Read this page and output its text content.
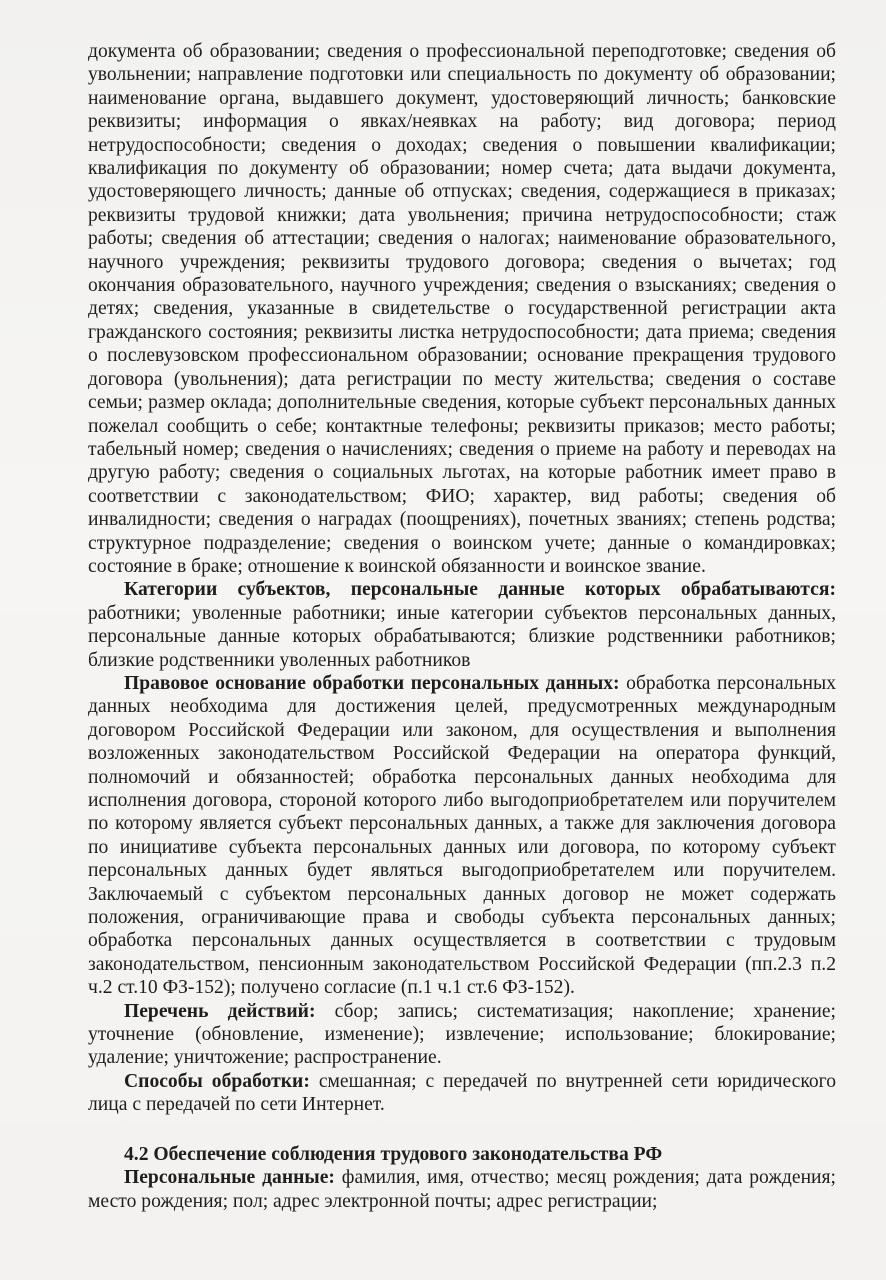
документа об образовании; сведения о профессиональной переподготовке; сведения об увольнении; направление подготовки или специальность по документу об образовании; наименование органа, выдавшего документ, удостоверяющий личность; банковские реквизиты; информация о явках/неявках на работу; вид договора; период нетрудоспособности; сведения о доходах; сведения о повышении квалификации; квалификация по документу об образовании; номер счета; дата выдачи документа, удостоверяющего личность; данные об отпусках; сведения, содержащиеся в приказах; реквизиты трудовой книжки; дата увольнения; причина нетрудоспособности; стаж работы; сведения об аттестации; сведения о налогах; наименование образовательного, научного учреждения; реквизиты трудового договора; сведения о вычетах; год окончания образовательного, научного учреждения; сведения о взысканиях; сведения о детях; сведения, указанные в свидетельстве о государственной регистрации акта гражданского состояния; реквизиты листка нетрудоспособности; дата приема; сведения о послевузовском профессиональном образовании; основание прекращения трудового договора (увольнения); дата регистрации по месту жительства; сведения о составе семьи; размер оклада; дополнительные сведения, которые субъект персональных данных пожелал сообщить о себе; контактные телефоны; реквизиты приказов; место работы; табельный номер; сведения о начислениях; сведения о приеме на работу и переводах на другую работу; сведения о социальных льготах, на которые работник имеет право в соответствии с законодательством; ФИО; характер, вид работы; сведения об инвалидности; сведения о наградах (поощрениях), почетных званиях; степень родства; структурное подразделение; сведения о воинском учете; данные о командировках; состояние в браке; отношение к воинской обязанности и воинское звание.

Категории субъектов, персональные данные которых обрабатываются: работники; уволенные работники; иные категории субъектов персональных данных, персональные данные которых обрабатываются; близкие родственники работников; близкие родственники уволенных работников

Правовое основание обработки персональных данных: обработка персональных данных необходима для достижения целей, предусмотренных международным договором Российской Федерации или законом, для осуществления и выполнения возложенных законодательством Российской Федерации на оператора функций, полномочий и обязанностей; обработка персональных данных необходима для исполнения договора, стороной которого либо выгодоприобретателем или поручителем по которому является субъект персональных данных, а также для заключения договора по инициативе субъекта персональных данных или договора, по которому субъект персональных данных будет являться выгодоприобретателем или поручителем. Заключаемый с субъектом персональных данных договор не может содержать положения, ограничивающие права и свободы субъекта персональных данных; обработка персональных данных осуществляется в соответствии с трудовым законодательством, пенсионным законодательством Российской Федерации (пп.2.3 п.2 ч.2 ст.10 ФЗ-152); получено согласие (п.1 ч.1 ст.6 ФЗ-152).

Перечень действий: сбор; запись; систематизация; накопление; хранение; уточнение (обновление, изменение); извлечение; использование; блокирование; удаление; уничтожение; распространение.

Способы обработки: смешанная; с передачей по внутренней сети юридического лица с передачей по сети Интернет.

4.2 Обеспечение соблюдения трудового законодательства РФ

Персональные данные: фамилия, имя, отчество; месяц рождения; дата рождения; место рождения; пол; адрес электронной почты; адрес регистрации;
